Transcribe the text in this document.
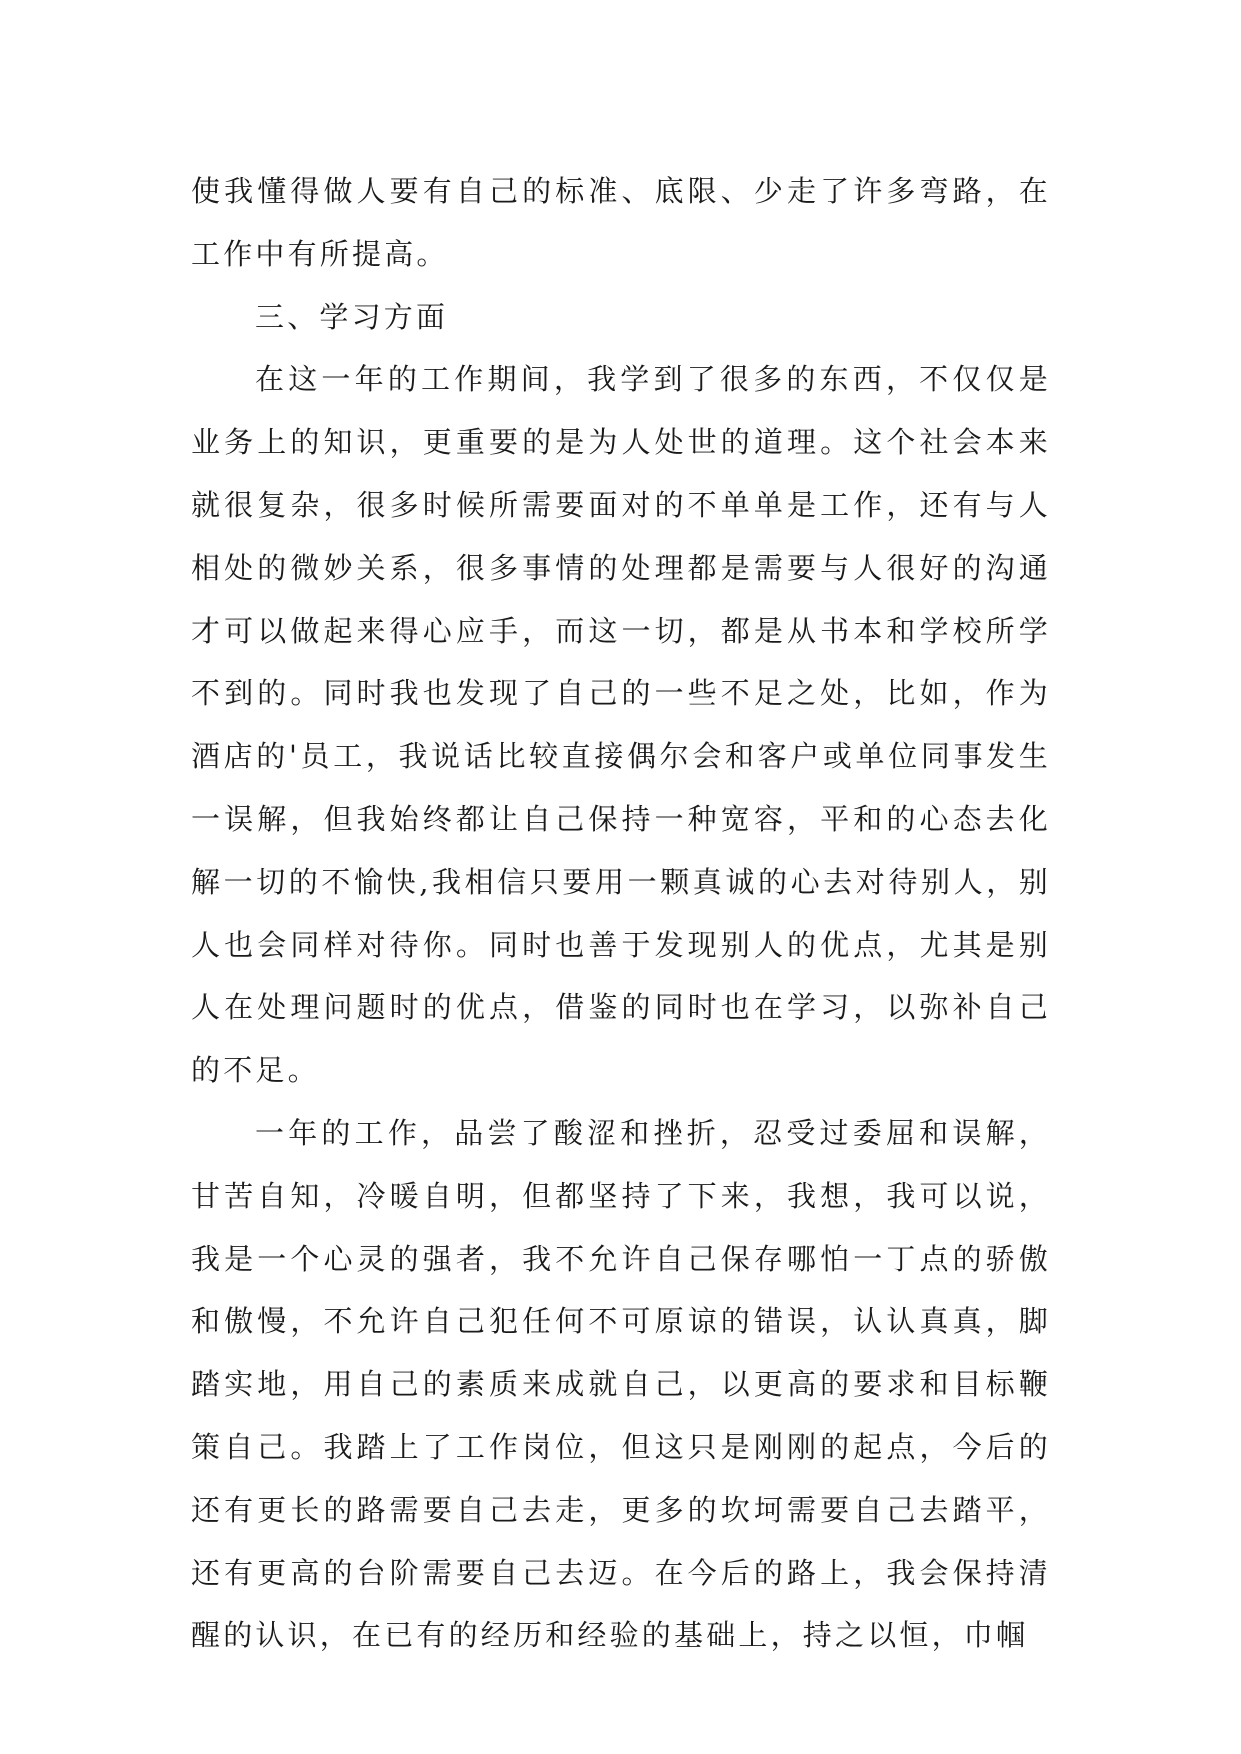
使我懂得做人要有自己的标准、底限、少走了许多弯路，在工作中有所提高。

三、学习方面

在这一年的工作期间，我学到了很多的东西，不仅仅是业务上的知识，更重要的是为人处世的道理。这个社会本来就很复杂，很多时候所需要面对的不单单是工作，还有与人相处的微妙关系，很多事情的处理都是需要与人很好的沟通才可以做起来得心应手，而这一切，都是从书本和学校所学不到的。同时我也发现了自己的一些不足之处，比如，作为酒店的'员工，我说话比较直接偶尔会和客户或单位同事发生一误解，但我始终都让自己保持一种宽容，平和的心态去化解一切的不愉快,我相信只要用一颗真诚的心去对待别人，别人也会同样对待你。同时也善于发现别人的优点，尤其是别人在处理问题时的优点，借鉴的同时也在学习，以弥补自己的不足。

一年的工作，品尝了酸涩和挫折，忍受过委屈和误解，甘苦自知，冷暖自明，但都坚持了下来，我想，我可以说，我是一个心灵的强者，我不允许自己保存哪怕一丁点的骄傲和傲慢，不允许自己犯任何不可原谅的错误，认认真真，脚踏实地，用自己的素质来成就自己，以更高的要求和目标鞭策自己。我踏上了工作岗位，但这只是刚刚的起点，今后的还有更长的路需要自己去走，更多的坎坷需要自己去踏平，还有更高的台阶需要自己去迈。在今后的路上，我会保持清醒的认识，在已有的经历和经验的基础上，持之以恒，巾帼
